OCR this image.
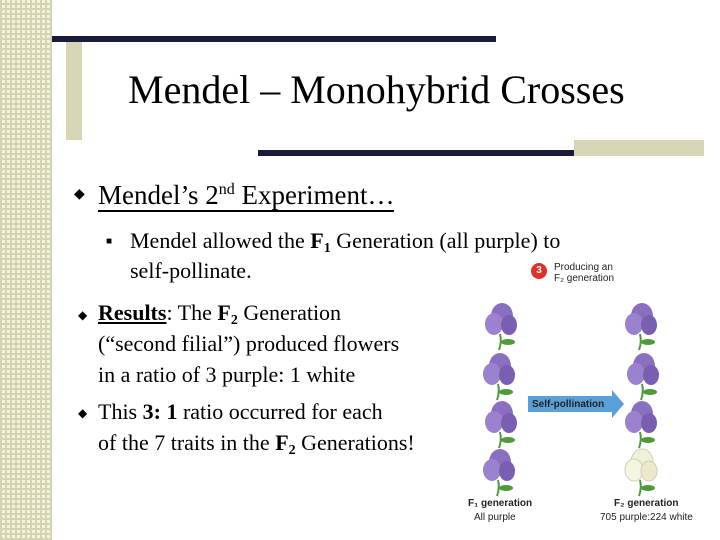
Mendel – Monohybrid Crosses
◆ Mendel’s 2nd Experiment…
■ Mendel allowed the $F_1$ Generation (all purple) to
self-pollinate.
◆ Results: The $F_2$ Generation
(“second filial”) produced flowers
in a ratio of 3 purple: 1 white
◆ This 3: 1 ratio occurred for each
of the 7 traits in the $F_2$ Generations!
3 Producing an
F₂ generation
Self-pollination
F₁ generation
All purple
F₂ generation
705 purple:224 white
